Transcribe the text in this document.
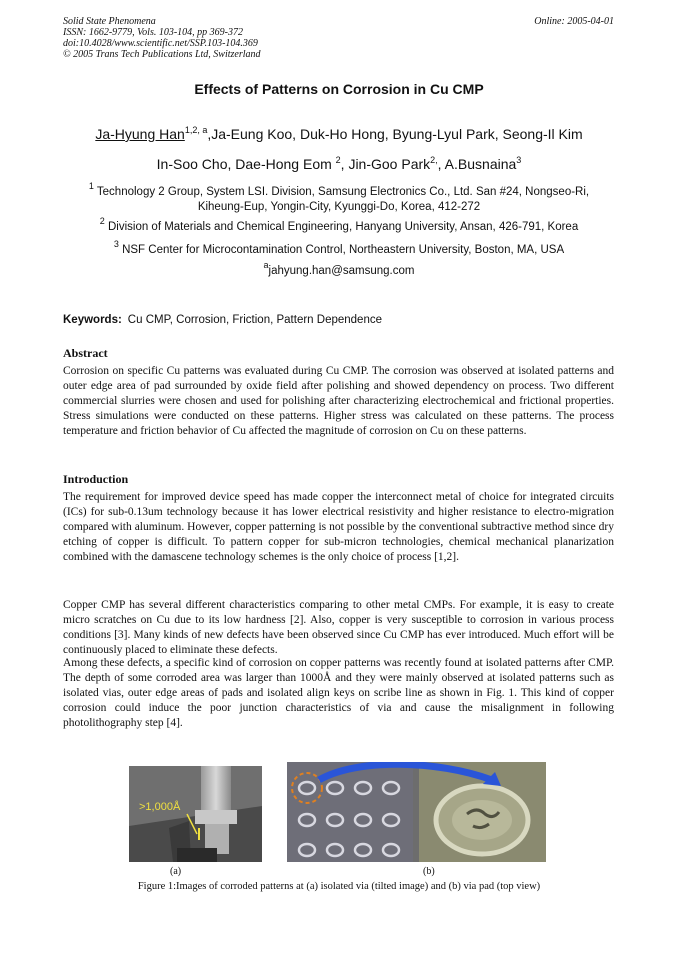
Solid State Phenomena
ISSN: 1662-9779, Vols. 103-104, pp 369-372
doi:10.4028/www.scientific.net/SSP.103-104.369
© 2005 Trans Tech Publications Ltd, Switzerland
Online: 2005-04-01
Effects of Patterns on Corrosion in Cu CMP
Ja-Hyung Han$^{1,2, a}$,Ja-Eung Koo, Duk-Ho Hong, Byung-Lyul Park, Seong-Il Kim
In-Soo Cho, Dae-Hong Eom $^2$, Jin-Goo Park$^{2,}$, A.Busnaina$^3$
$^1$ Technology 2 Group, System LSI. Division, Samsung Electronics Co., Ltd. San #24, Nongseo-Ri,
Kiheung-Eup, Yongin-City, Kyunggi-Do, Korea, 412-272
$^2$ Division of Materials and Chemical Engineering, Hanyang University, Ansan, 426-791, Korea
$^3$ NSF Center for Microcontamination Control, Northeastern University, Boston, MA, USA
$^a$jahyung.han@samsung.com
Keywords: Cu CMP, Corrosion, Friction, Pattern Dependence
Abstract

Corrosion on specific Cu patterns was evaluated during Cu CMP. The corrosion was observed at isolated patterns and outer edge area of pad surrounded by oxide field after polishing and showed dependency on process. Two different commercial slurries were chosen and used for polishing after characterizing electrochemical and frictional properties. Stress simulations were conducted on these patterns. Higher stress was calculated on these patterns. The process temperature and friction behavior of Cu affected the magnitude of corrosion on Cu on these patterns.

Introduction
The requirement for improved device speed has made copper the interconnect metal of choice for integrated circuits (ICs) for sub-0.13um technology because it has lower electrical resistivity and higher resistance to electro-migration compared with aluminum. However, copper patterning is not possible by the conventional subtractive method since dry etching of copper is difficult. To pattern copper for sub-micron technologies, chemical mechanical planarization combined with the damascene technology schemes is the only choice of process [1,2].
Copper CMP has several different characteristics comparing to other metal CMPs. For example, it is easy to create micro scratches on Cu due to its low hardness [2]. Also, copper is very susceptible to corrosion in various process conditions [3]. Many kinds of new defects have been observed since Cu CMP has ever introduced. Much effort will be continuously placed to eliminate these defects.
Among these defects, a specific kind of corrosion on copper patterns was recently found at isolated patterns after CMP. The depth of some corroded area was larger than 1000Å and they were mainly observed at isolated patterns such as isolated vias, outer edge areas of pads and isolated align keys on scribe line as shown in Fig. 1. This kind of copper corrosion could induce the poor junction characteristics of via and cause the misalignment in following photolithography step [4].
>1,000Å
(a)	(b)
Figure 1:Images of corroded patterns at (a) isolated via (tilted image) and (b) via pad (top view)
